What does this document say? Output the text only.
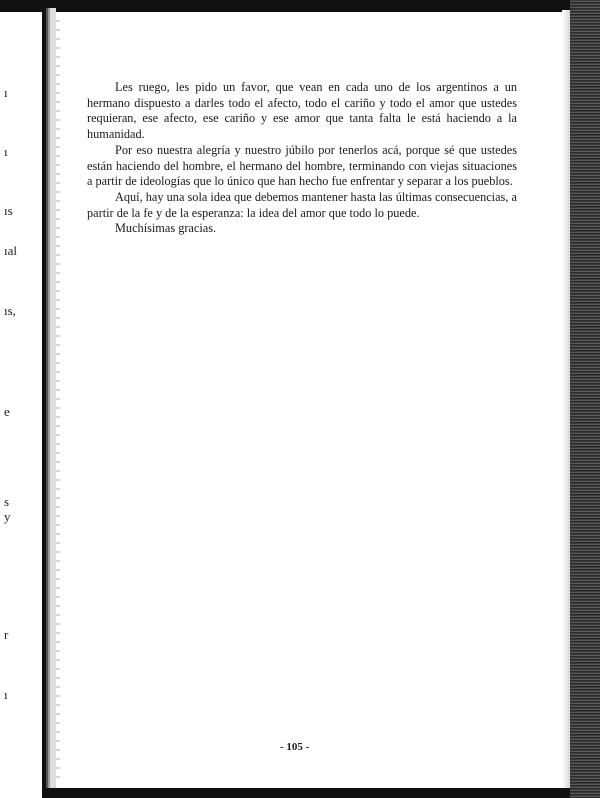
ı
ı
ıs
ıal
ıs,
e
s
y
r
ı

Les ruego, les pido un favor, que vean en cada uno de los argentinos a un hermano dispuesto a darles todo el afecto, todo el cariño y todo el amor que ustedes requieran, ese afecto, ese cariño y ese amor que tanta falta le está haciendo a la humanidad.

Por eso nuestra alegría y nuestro júbilo por tenerlos acá, porque sé que ustedes están haciendo del hombre, el hermano del hombre, terminando con viejas situaciones a partir de ideologías que lo único que han hecho fue enfrentar y separar a los pueblos.

Aquí, hay una sola idea que debemos mantener hasta las últimas consecuencias, a partir de la fe y de la esperanza: la idea del amor que todo lo puede.

Muchísimas gracias.

- 105 -
